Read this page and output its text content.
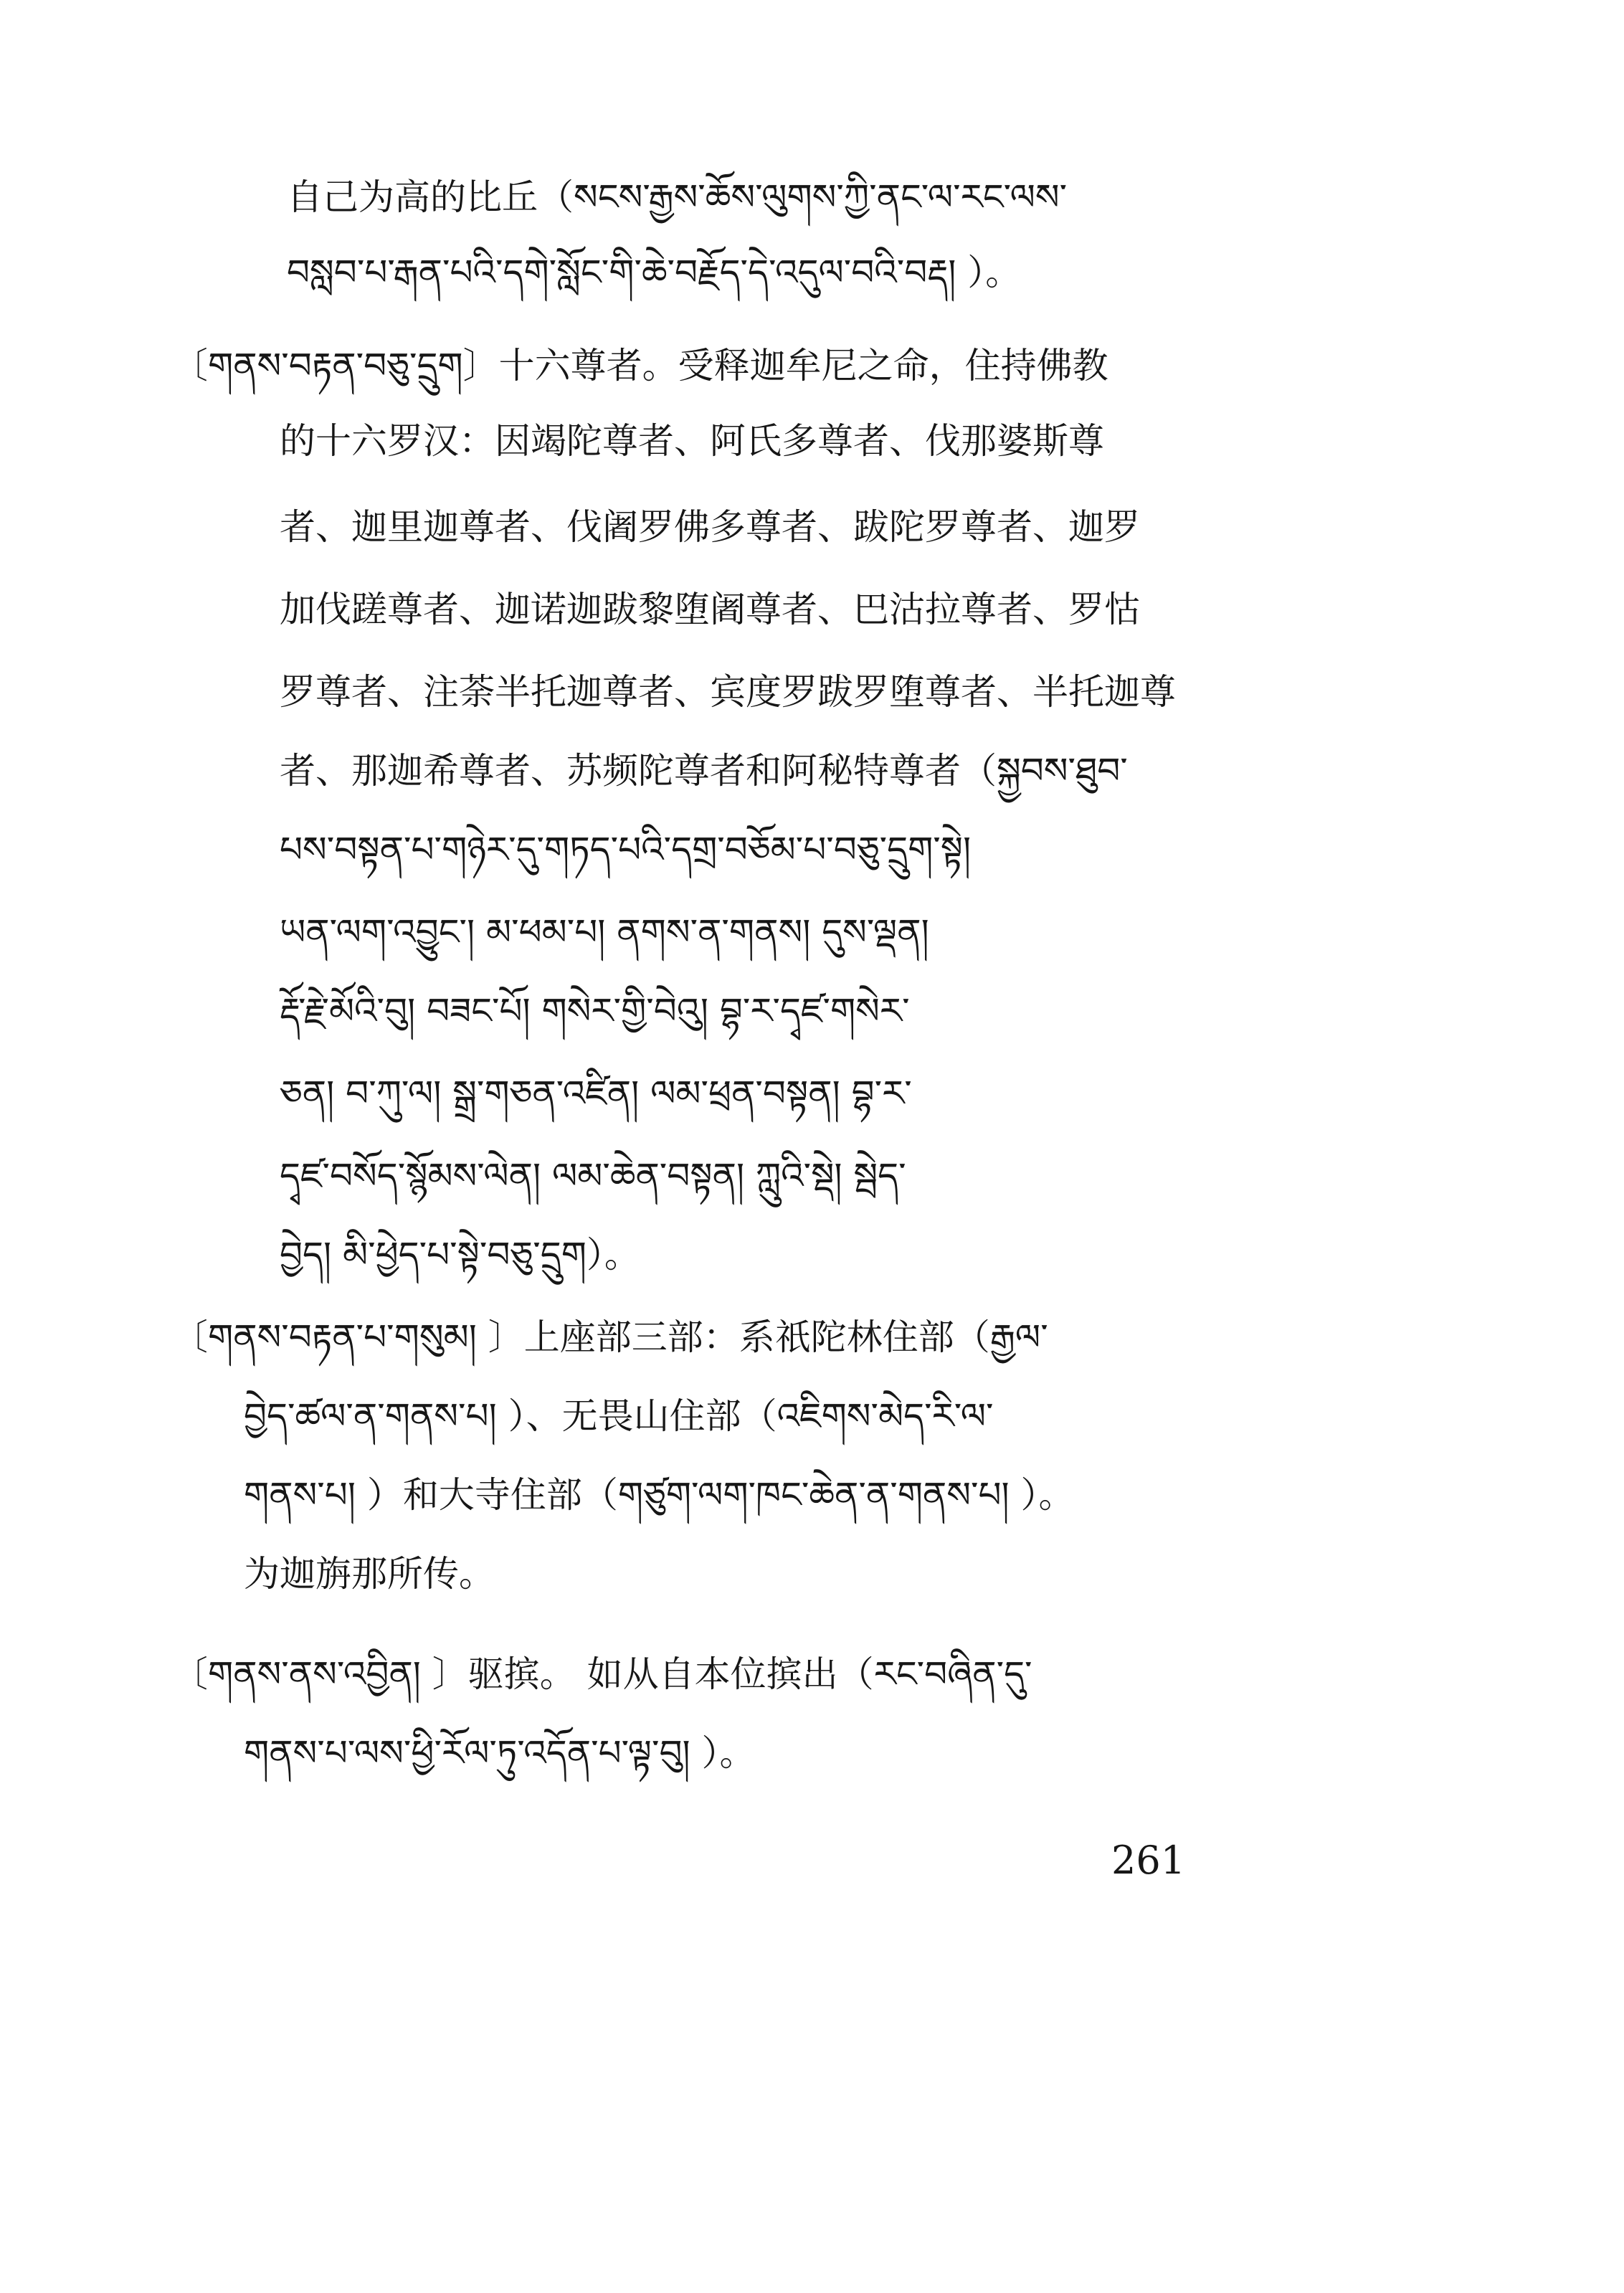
自己为高的比丘（སངས་རྒྱས་ཆོས་ལུགས་ཀྱི་ནང་ལ་རང་ལས་
བསླབ་པ་རྒན་པའི་དགེ་སློང་གི་ཆེ་བརྗོད་དེ་འདུལ་བའི་བརྡ། ）。
〔གནས་བརྟན་བཅུ་དྲུག〕十六尊者。受释迦牟尼之命，住持佛教
的十六罗汉：因竭陀尊者、阿氏多尊者、伐那婆斯尊
者、迦里迦尊者、伐阇罗佛多尊者、跋陀罗尊者、迦罗
加伐蹉尊者、迦诺迦跋黎堕阇尊者、巴沽拉尊者、罗怙
罗尊者、注荼半托迦尊者、宾度罗跋罗堕尊者、半托迦尊
者、那迦希尊者、苏频陀尊者和阿秘特尊者（སྐྱབས་ཐུབ་
པས་བསྟན་པ་གཉེར་དུ་གཏད་པའི་དགྲ་བཅོམ་པ་བཅུ་དྲུག་སྟེ།
ཡན་ལག་འབྱུང་། མ་ཕམ་པ། ནགས་ན་གནས། དུས་ལྡན།
རྡོ་རྗེ་མོའི་བུ། བཟང་པོ། གསེར་གྱི་བེའུ། བྷ་ར་དྭཛ་གསེར་
ཅན། བ་ཀུ་ལ། སྒྲ་གཅན་འཛིན། ལམ་ཕྲན་བསྟན། བྷ་ར་
དྭཛ་བསོད་སྙོམས་ལེན། ལམ་ཆེན་བསྟན། ཀླུའི་སྡེ། སྦེད་
བྱེད། མི་ཕྱེད་པ་སྟེ་བཅུ་དྲུག）。
〔གནས་བརྟན་པ་གསུམ། 〕上座部三部：系祇陀林住部（རྒྱལ་
བྱེད་ཚལ་ན་གནས་པ། ）、无畏山住部（འཇིགས་མེད་རི་ལ་
གནས་པ། ）和大寺住部（གཙུག་ལག་ཁང་ཆེན་ན་གནས་པ། ）。
为迦旃那所传。
〔གནས་ནས་འབྱིན། 〕驱摈。 如从自本位摈出（རང་བཞིན་དུ་
གནས་པ་ལས་ཕྱི་རོལ་ཏུ་འདོན་པ་ལྟ་བུ། ）。
261
